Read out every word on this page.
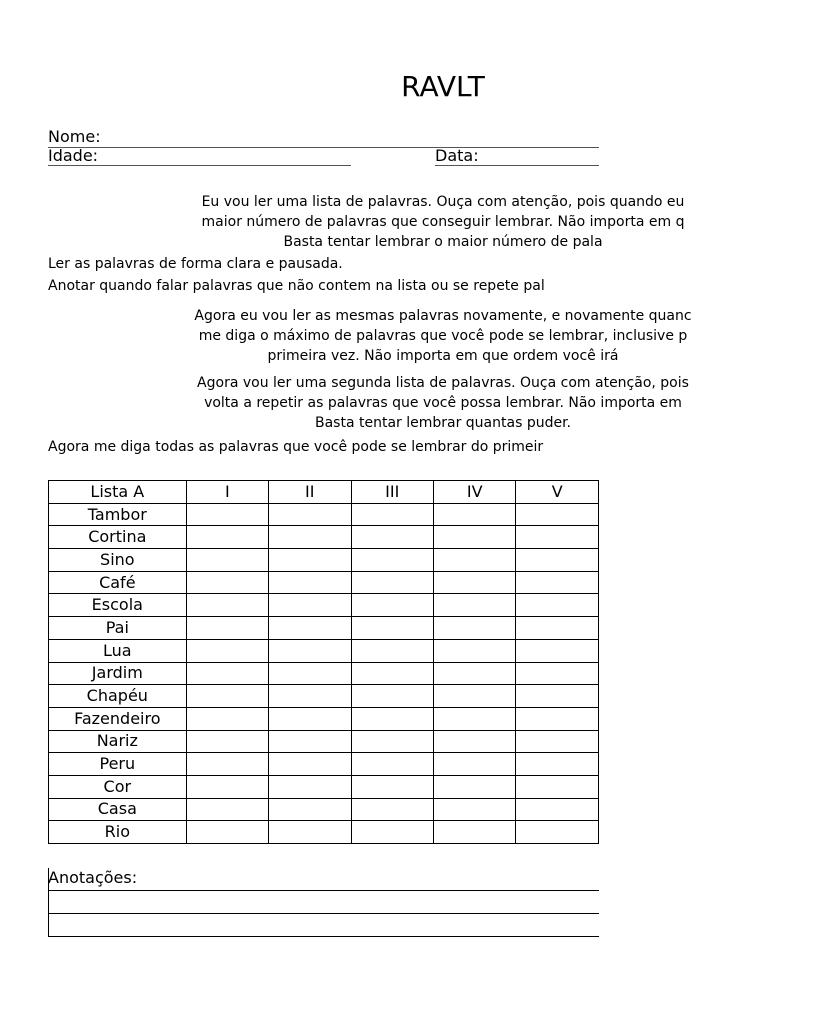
RAVLT
Nome:
Idade:	Data:
Eu vou ler uma lista de palavras. Ouça com atenção, pois quando eu
maior número de palavras que conseguir lembrar. Não importa em q
Basta tentar lembrar o maior número de pala
Ler as palavras de forma clara e pausada.
Anotar quando falar palavras que não contem na lista ou se repete pal
Agora eu vou ler as mesmas palavras novamente, e novamente quanc
me diga o máximo de palavras que você pode se lembrar, inclusive p
primeira vez. Não importa em que ordem você irá
Agora vou ler uma segunda lista de palavras. Ouça com atenção, pois
volta a repetir as palavras que você possa lembrar. Não importa em
Basta tentar lembrar quantas puder.
Agora me diga todas as palavras que você pode se lembrar do primeir
Lista A	I	II	III	IV	V
Tambor					
Cortina					
Sino					
Café					
Escola					
Pai					
Lua					
Jardim					
Chapéu					
Fazendeiro					
Nariz					
Peru					
Cor					
Casa					
Rio					
Anotações:
